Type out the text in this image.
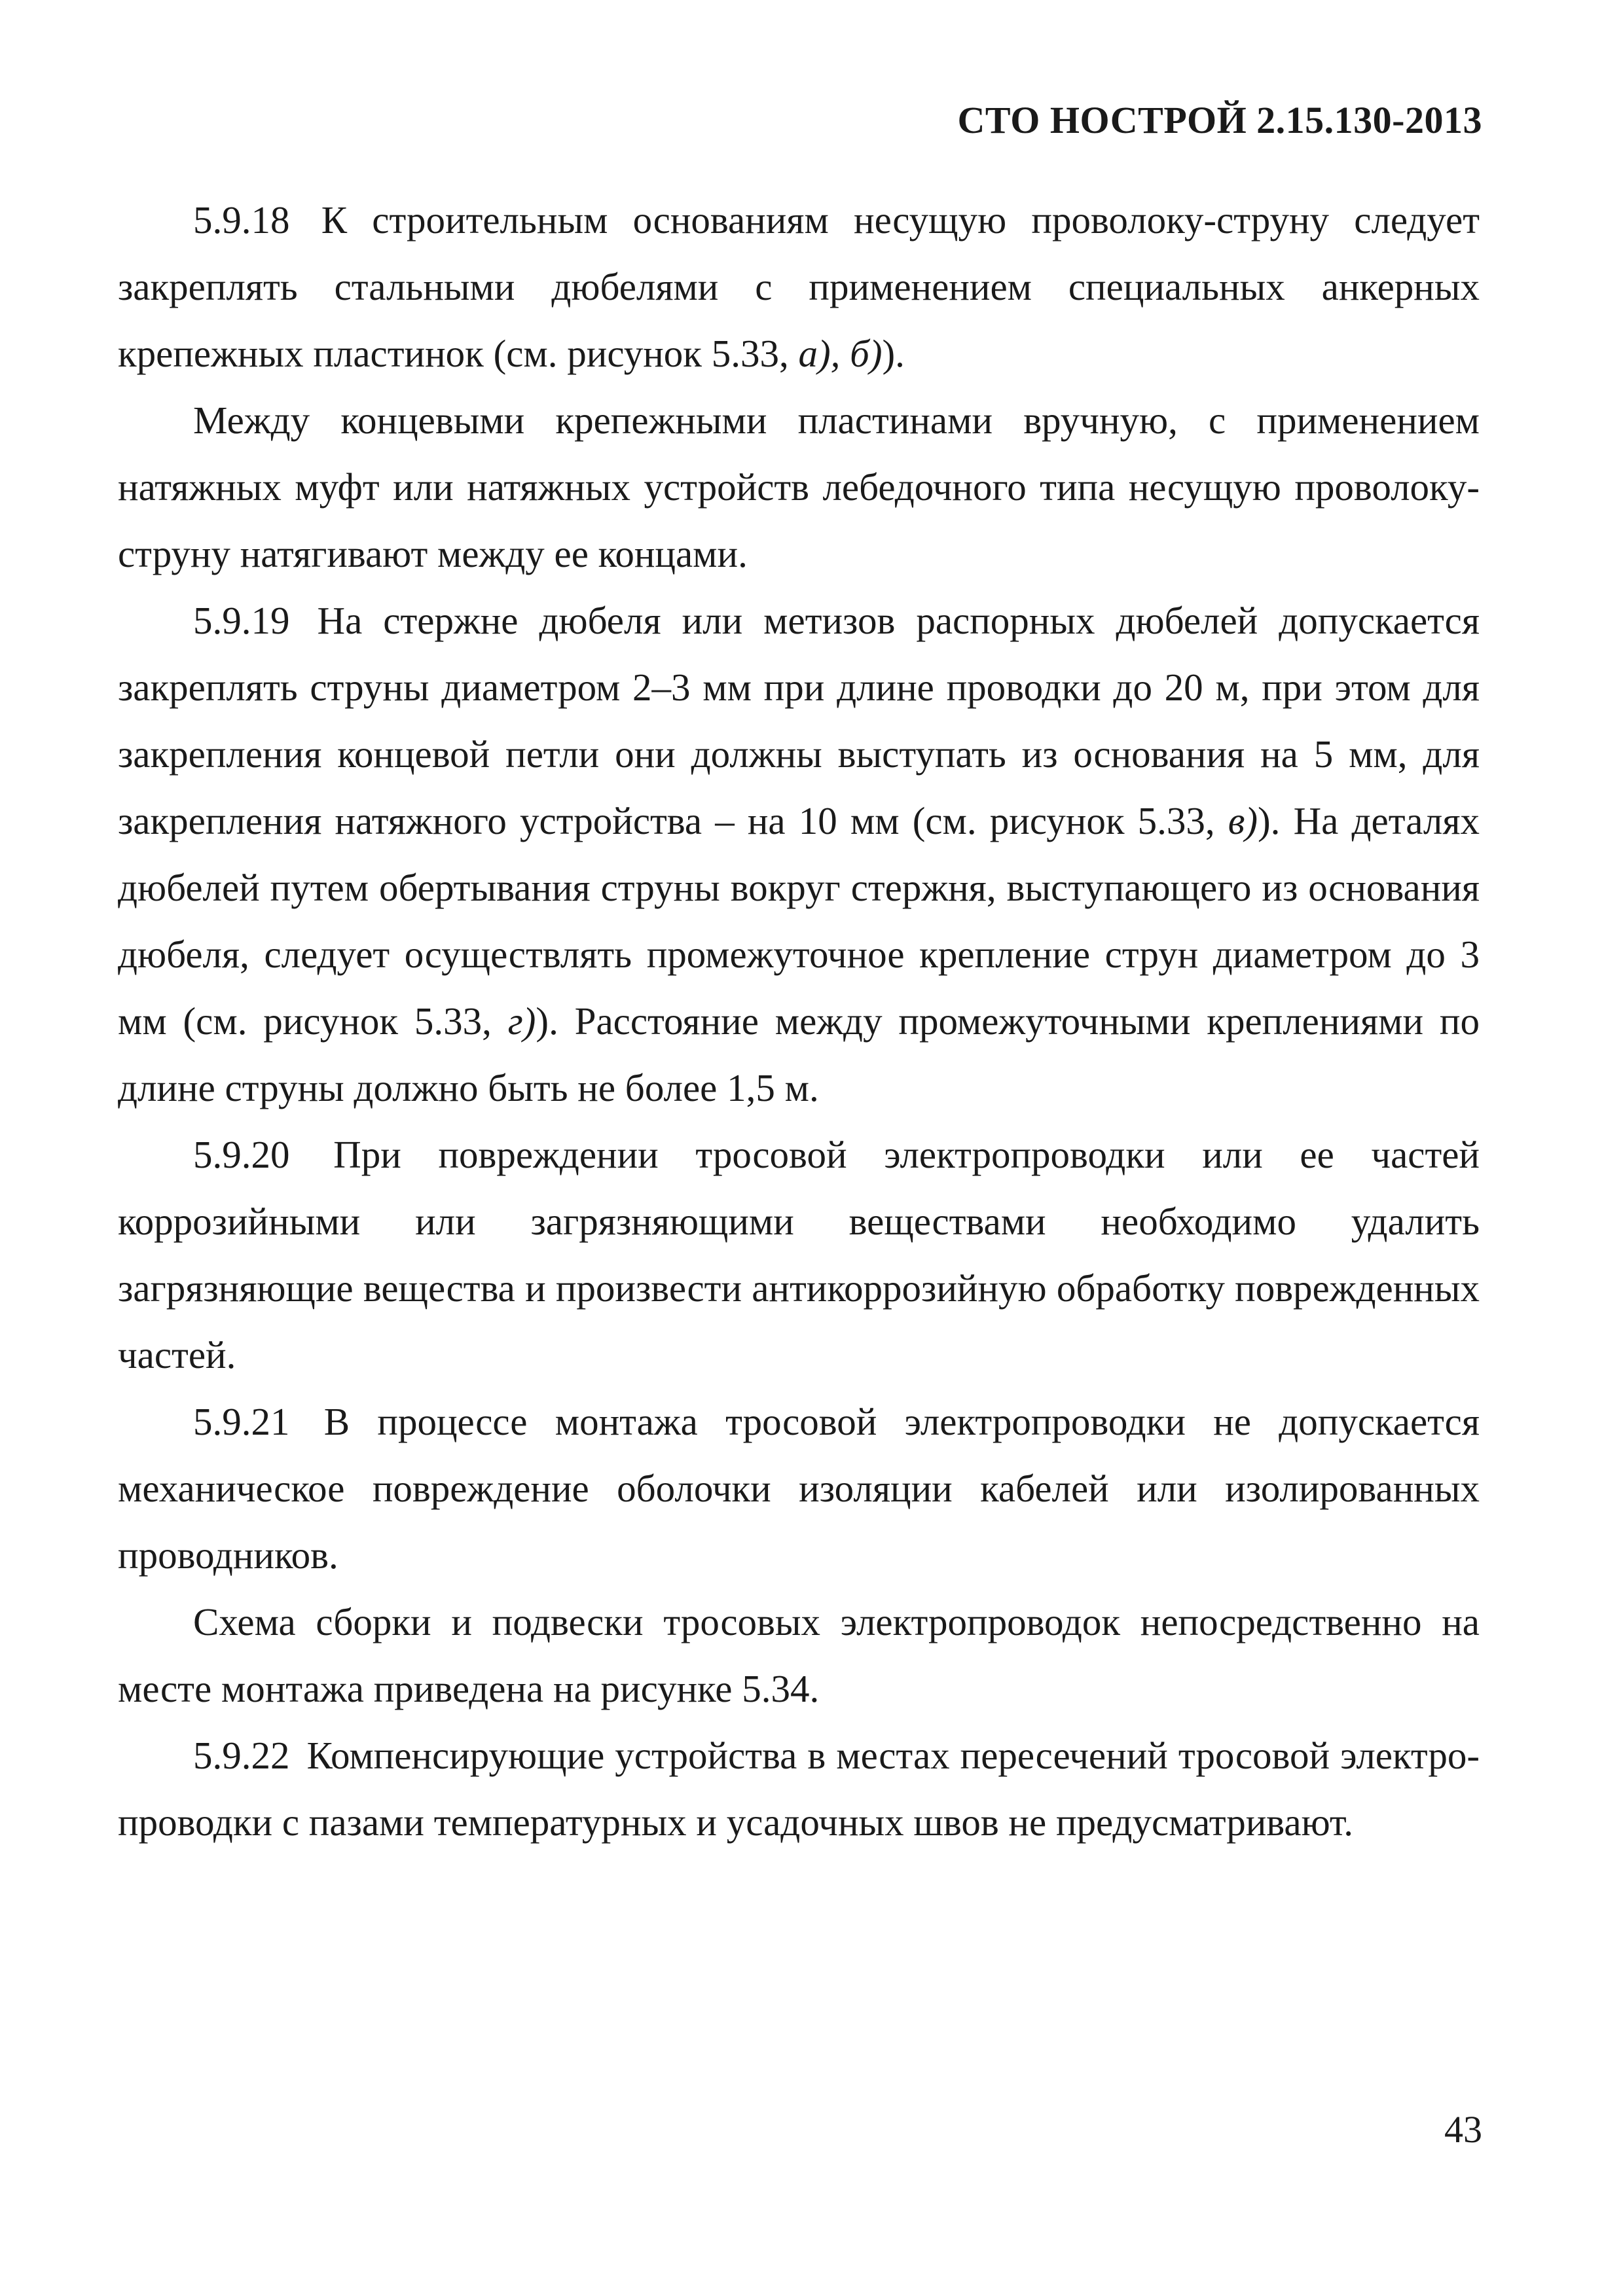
СТО НОСТРОЙ 2.15.130-2013

5.9.18 К строительным основаниям несущую проволоку-струну следует закреплять стальными дюбелями с применением специальных анкерных крепежных пластинок (см. рисунок 5.33, а), б)).

Между концевыми крепежными пластинами вручную, с применением натяжных муфт или натяжных устройств лебедочного типа несущую проволоку-струну натягивают между ее концами.

5.9.19 На стержне дюбеля или метизов распорных дюбелей допускается закреплять струны диаметром 2–3 мм при длине проводки до 20 м, при этом для закрепления концевой петли они должны выступать из основания на 5 мм, для закрепления натяжного устройства – на 10 мм (см. рисунок 5.33, в)). На деталях дюбелей путем обертывания струны вокруг стержня, выступающего из основания дюбеля, следует осуществлять промежуточное крепление струн диаметром до 3 мм (см. рисунок 5.33, г)). Расстояние между промежуточными креплениями по длине струны должно быть не более 1,5 м.

5.9.20 При повреждении тросовой электропроводки или ее частей коррозийными или загрязняющими веществами необходимо удалить загрязняющие вещества и произвести антикоррозийную обработку поврежденных частей.

5.9.21 В процессе монтажа тросовой электропроводки не допускается механическое повреждение оболочки изоляции кабелей или изолированных проводников.

Схема сборки и подвески тросовых электропроводок непосредственно на месте монтажа приведена на рисунке 5.34.

5.9.22 Компенсирующие устройства в местах пересечений тросовой электро-проводки с пазами температурных и усадочных швов не предусматривают.

43
